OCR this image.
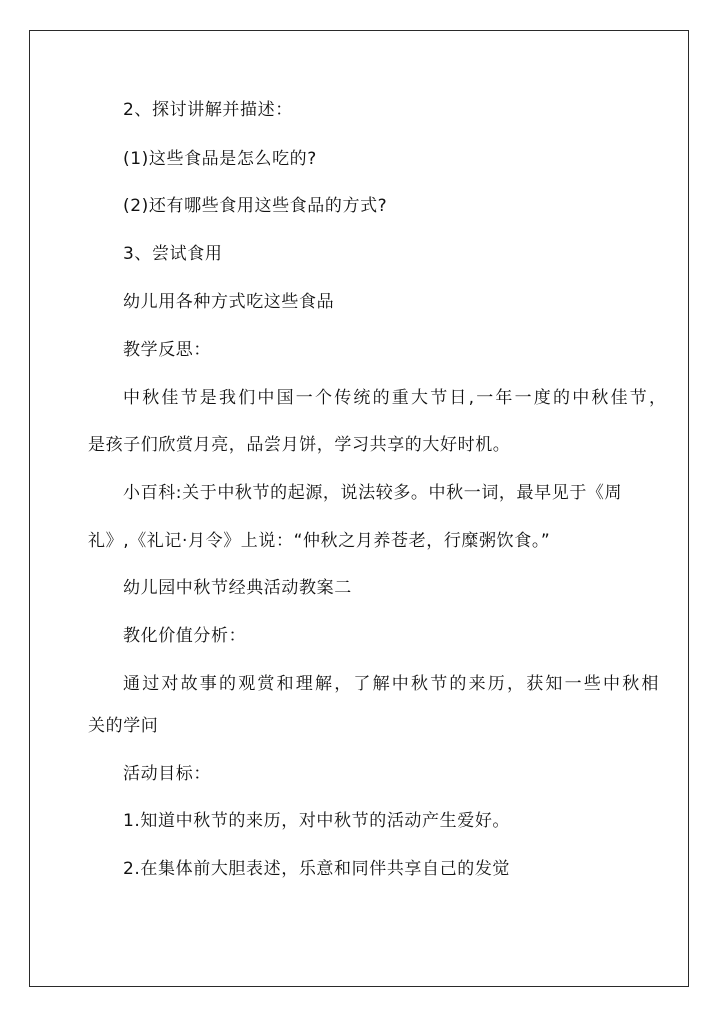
2、探讨讲解并描述：
(1)这些食品是怎么吃的?
(2)还有哪些食用这些食品的方式?
3、尝试食用
幼儿用各种方式吃这些食品
教学反思：
中秋佳节是我们中国一个传统的重大节日,一年一度的中秋佳节，
是孩子们欣赏月亮，品尝月饼，学习共享的大好时机。
小百科:关于中秋节的起源，说法较多。中秋一词，最早见于《周
礼》,《礼记·月令》上说：“仲秋之月养苍老，行糜粥饮食。”
幼儿园中秋节经典活动教案二
教化价值分析：
通过对故事的观赏和理解，了解中秋节的来历，获知一些中秋相
关的学问
活动目标：
1.知道中秋节的来历，对中秋节的活动产生爱好。
2.在集体前大胆表述，乐意和同伴共享自己的发觉
